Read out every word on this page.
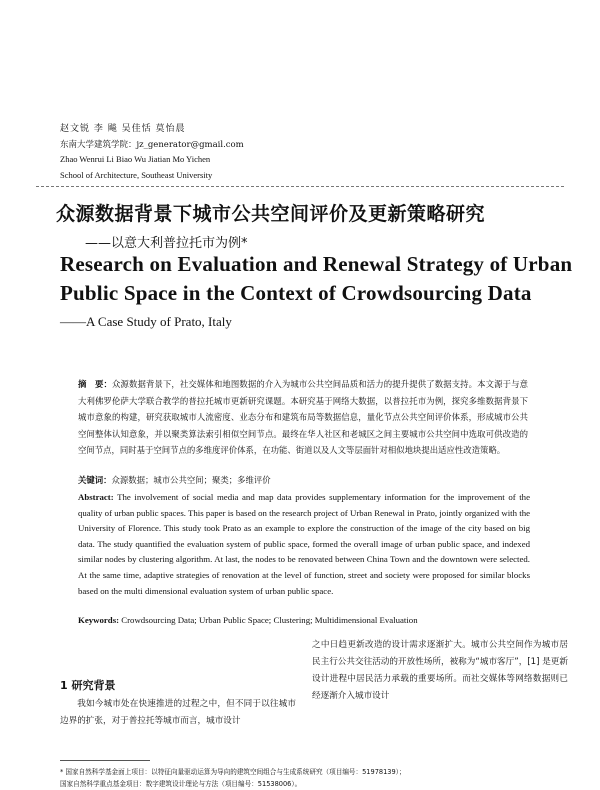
赵文锐 李 飚 吴佳恬 莫怡晨
东南大学建筑学院：jz_generator@gmail.com
Zhao Wenrui Li Biao Wu Jiatian Mo Yichen
School of Architecture, Southeast University
众源数据背景下城市公共空间评价及更新策略研究
——以意大利普拉托市为例*
Research on Evaluation and Renewal Strategy of Urban
Public Space in the Context of Crowdsourcing Data
——A Case Study of Prato, Italy
摘　要：众源数据背景下，社交媒体和地图数据的介入为城市公共空间品质和活力的提升提供了数据支持。本文源于与意大利佛罗伦萨大学联合教学的普拉托城市更新研究课题。本研究基于网络大数据，以普拉托市为例，探究多维数据背景下城市意象的构建，研究获取城市人流密度、业态分布和建筑布局等数据信息，量化节点公共空间评价体系，形成城市公共空间整体认知意象，并以聚类算法索引相似空间节点。最终在华人社区和老城区之间主要城市公共空间中选取可供改造的空间节点，同时基于空间节点的多维度评价体系，在功能、街道以及人文等层面针对相似地块提出适应性改造策略。
关键词：众源数据；城市公共空间；聚类；多维评价
Abstract: The involvement of social media and map data provides supplementary information for the improvement of the quality of urban public spaces. This paper is based on the research project of Urban Renewal in Prato, jointly organized with the University of Florence. This study took Prato as an example to explore the construction of the image of the city based on big data. The study quantified the evaluation system of public space, formed the overall image of urban public space, and indexed similar nodes by clustering algorithm. At last, the nodes to be renovated between China Town and the downtown were selected. At the same time, adaptive strategies of renovation at the level of function, street and society were proposed for similar blocks based on the multi dimensional evaluation system of urban public space.
Keywords: Crowdsourcing Data; Urban Public Space; Clustering; Multidimensional Evaluation
1 研究背景
我如今城市处在快速推进的过程之中，但不同于以往城市边界的扩张，对于普拉托等城市而言，城市设计
之中日趋更新改造的设计需求逐渐扩大。城市公共空间作为城市居民主行公共交往活动的开放性场所，被称为“城市客厅”，[1] 是更新设计进程中居民活力承载的重要场所。而社交媒体等网络数据则已经逐渐介入城市设计
* 国家自然科学基金面上项目：以特征向量驱动运算为导向的建筑空间组合与生成系统研究（项目编号：51978139）；
国家自然科学重点基金项目：数字建筑设计理论与方法（项目编号：51538006）。
